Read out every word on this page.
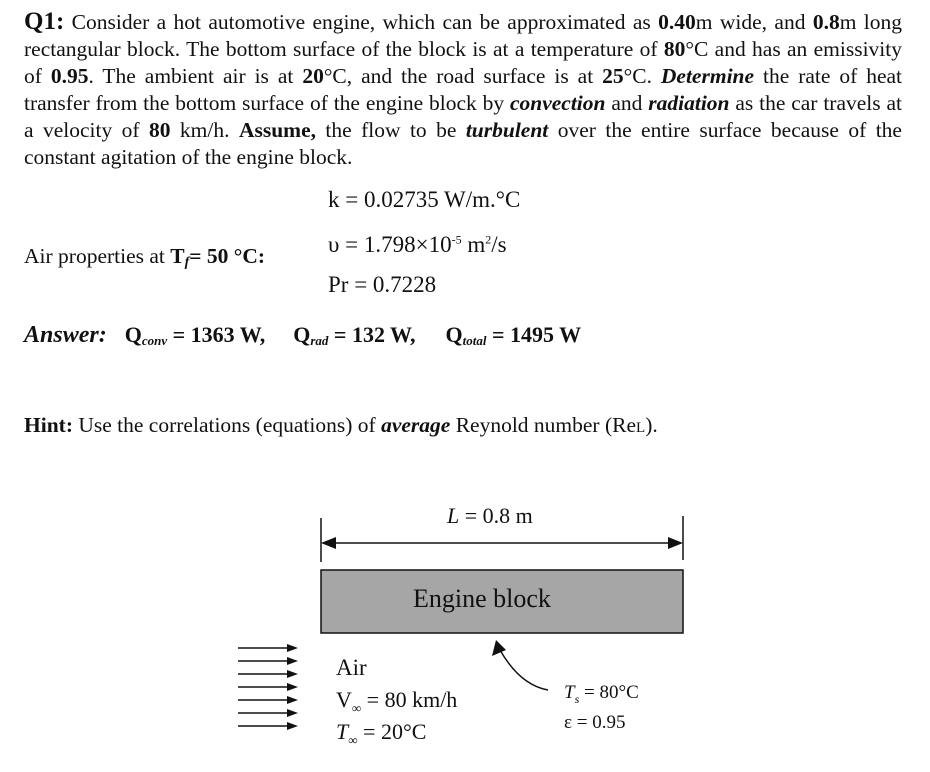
Q1: Consider a hot automotive engine, which can be approximated as 0.40m wide, and 0.8m long rectangular block. The bottom surface of the block is at a temperature of 80°C and has an emissivity of 0.95. The ambient air is at 20°C, and the road surface is at 25°C. Determine the rate of heat transfer from the bottom surface of the engine block by convection and radiation as the car travels at a velocity of 80 km/h. Assume, the flow to be turbulent over the entire surface because of the constant agitation of the engine block.
Air properties at Tf= 50 °C:
k = 0.02735 W/m.°C
$\upsilon = 1.798\times 10^{-5}$ $m^2/s$
Pr = 0.7228
Answer: $Q_{conv} = 1363$ W, $Q_{rad} = 132$ W, $Q_{total} = 1495$ W
Hint: Use the correlations (equations) of average Reynold number (ReL).
L = 0.8 m
Engine block
Air
$V_\infty = 80$ km/h
$T_\infty = 20^\circ C$
$T_s = 80^\circ C$
ε = 0.95
